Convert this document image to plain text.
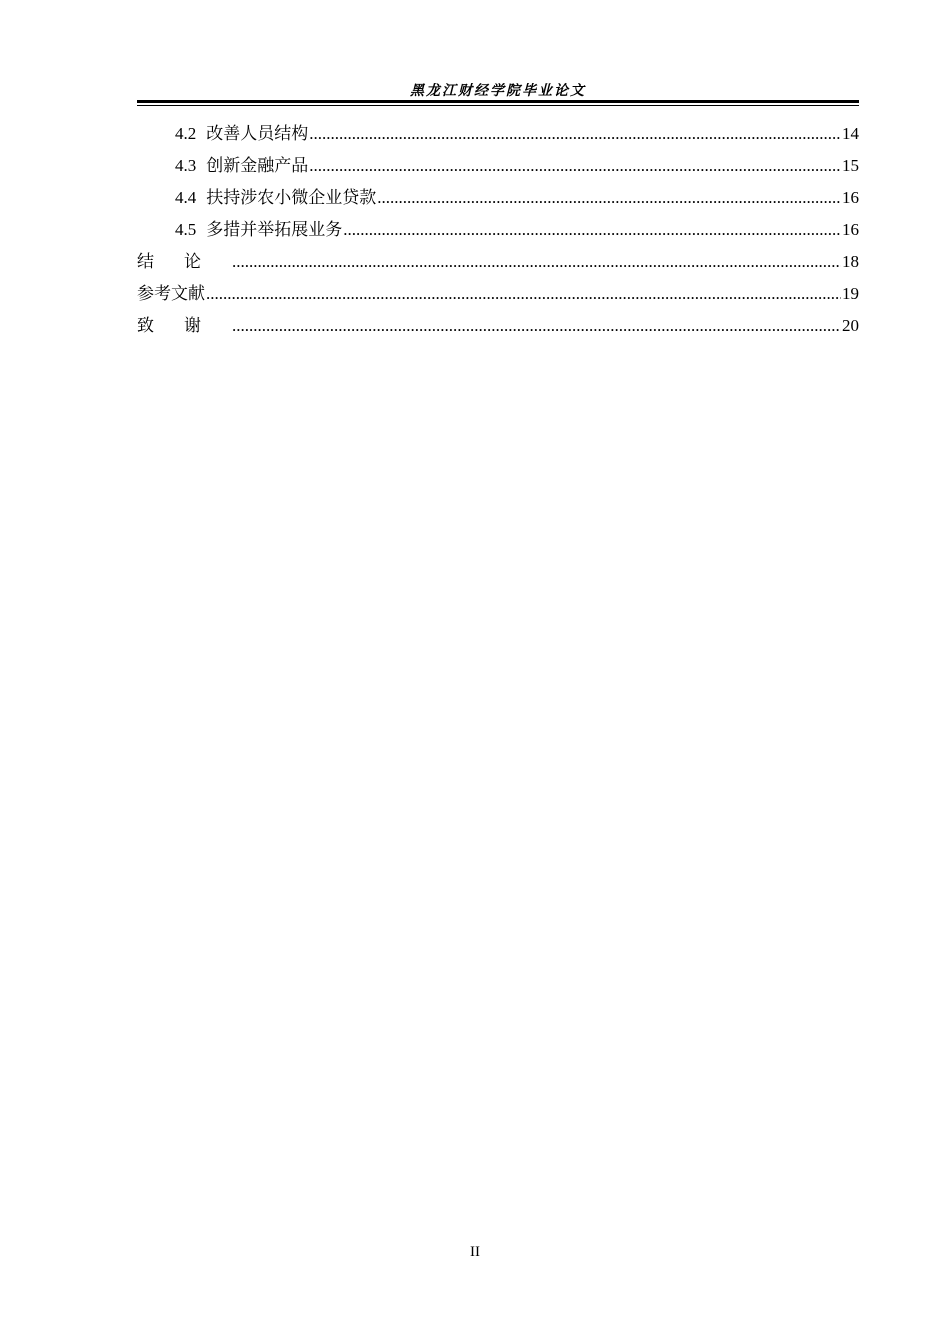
黑龙江财经学院毕业论文
4.2 改善人员结构 .....	14
4.3 创新金融产品 .....	15
4.4 扶持涉农小微企业贷款 .....	16
4.5 多措并举拓展业务 .....	16
结论 .....	18
参考文献 .....	19
致谢 .....	20
II
